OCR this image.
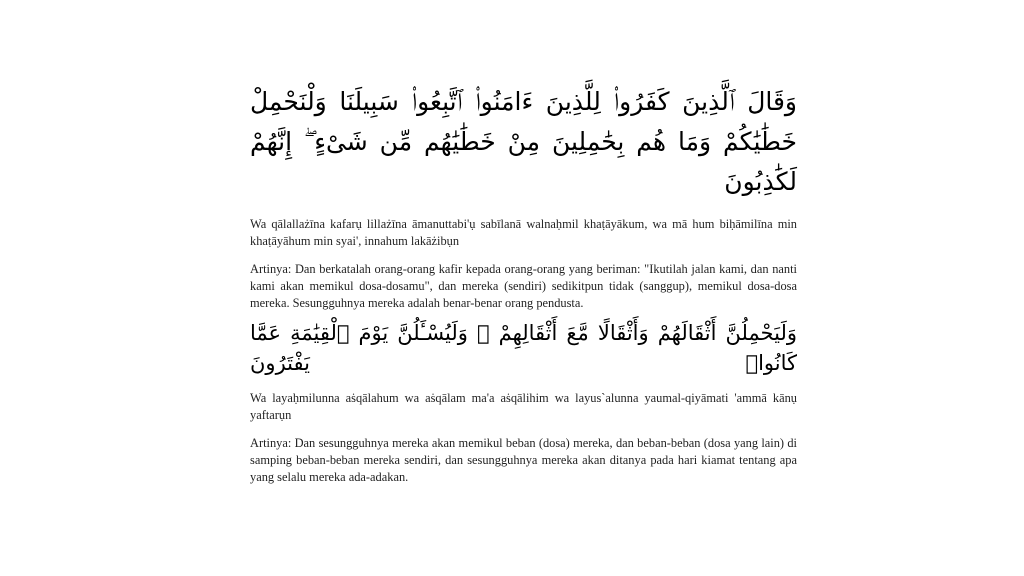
وَقَالَ ٱلَّذِينَ كَفَرُوا۟ لِلَّذِينَ ءَامَنُوا۟ ٱتَّبِعُوا۟ سَبِيلَنَا وَلْنَحْمِلْ خَطَٰيَٰكُمْ وَمَا هُم بِحَٰمِلِينَ مِنْ خَطَٰيَٰهُم مِّن شَىْءٍ ۖ إِنَّهُمْ لَكَٰذِبُونَ

Wa qālallażīna kafarụ lillażīna āmanuttabi'ụ sabīlanā walnaḥmil khaṭāyākum, wa mā hum biḥāmilīna min khaṭāyāhum min syai', innahum lakāżibụn

Artinya: Dan berkatalah orang-orang kafir kepada orang-orang yang beriman: "Ikutilah jalan kami, dan nanti kami akan memikul dosa-dosamu", dan mereka (sendiri) sedikitpun tidak (sanggup), memikul dosa-dosa mereka. Sesungguhnya mereka adalah benar-benar orang pendusta.

وَلَيَحْمِلُنَّ أَثْقَالَهُمْ وَأَثْقَالًا مَّعَ أَثْقَالِهِمْ ۖ وَلَيُسْـَٔلُنَّ يَوْمَ ٱلْقِيَٰمَةِ عَمَّا كَانُوا۟ يَفْتَرُونَ

Wa layaḥmilunna aṡqālahum wa aṡqālam ma'a aṡqālihim wa layus`alunna yaumal-qiyāmati 'ammā kānụ yaftarụn

Artinya: Dan sesungguhnya mereka akan memikul beban (dosa) mereka, dan beban-beban (dosa yang lain) di samping beban-beban mereka sendiri, dan sesungguhnya mereka akan ditanya pada hari kiamat tentang apa yang selalu mereka ada-adakan.
